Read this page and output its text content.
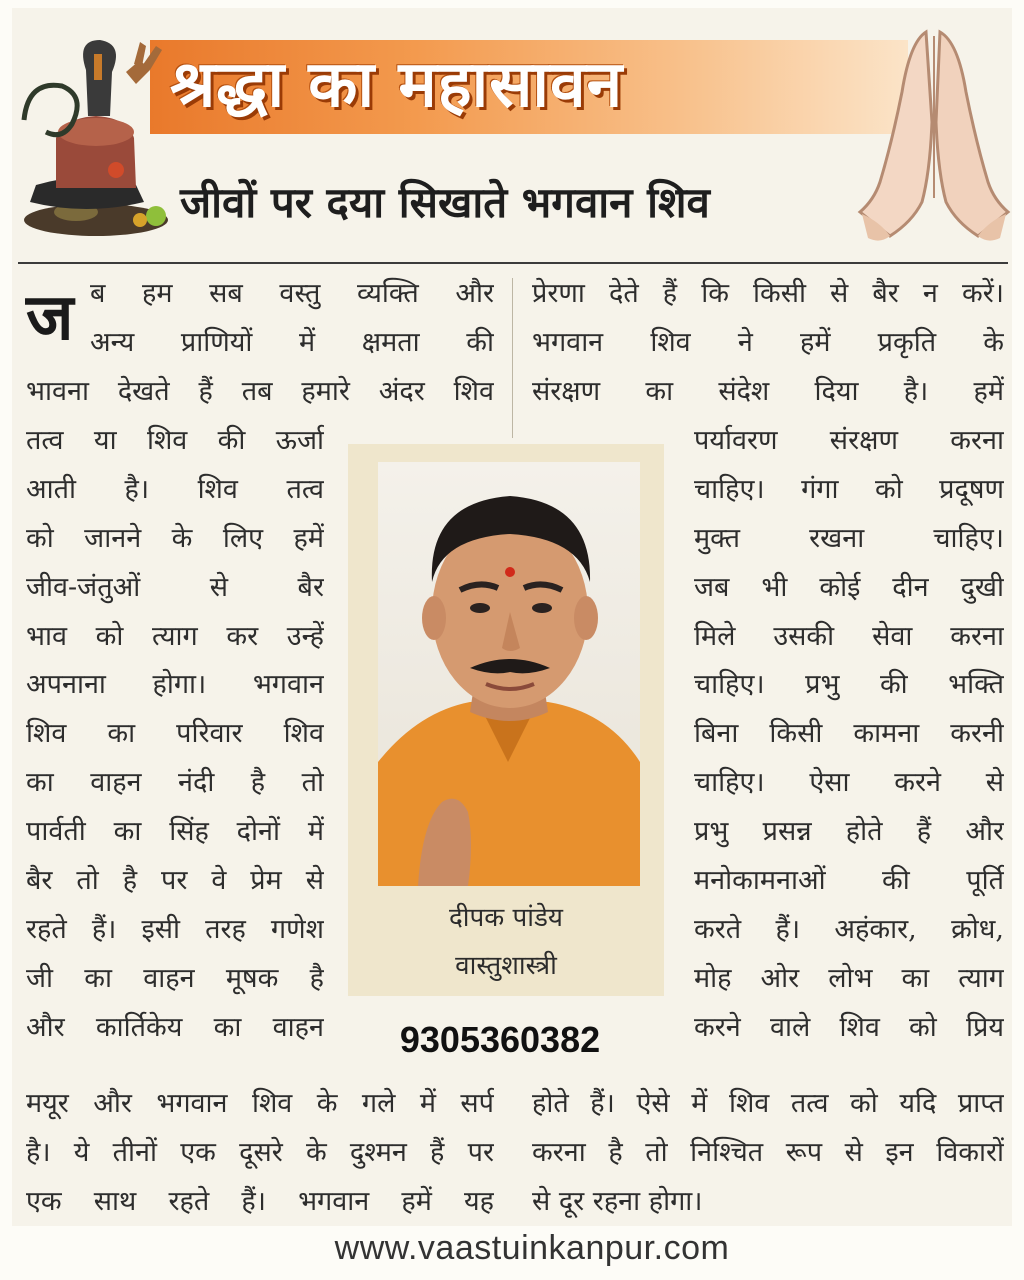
श्रद्धा का महासावन
जीवों पर दया सिखाते भगवान शिव
ज ब हम सब वस्तु व्यक्ति और
अन्य प्राणियों में क्षमता की
भावना देखते हैं तब हमारे अंदर शिव
तत्व या शिव की ऊर्जा
आती है। शिव तत्व
को जानने के लिए हमें
जीव-जंतुओं से बैर
भाव को त्याग कर उन्हें
अपनाना होगा। भगवान
शिव का परिवार शिव
का वाहन नंदी है तो
पार्वती का सिंह दोनों में
बैर तो है पर वे प्रेम से
रहते हैं। इसी तरह गणेश
जी का वाहन मूषक है
और कार्तिकेय का वाहन
मयूर और भगवान शिव के गले में सर्प
है। ये तीनों एक दूसरे के दुश्मन हैं पर
एक साथ रहते हैं। भगवान हमें यह
प्रेरणा देते हैं कि किसी से बैर न करें।
भगवान शिव ने हमें प्रकृति के
संरक्षण का संदेश दिया है। हमें
पर्यावरण संरक्षण करना
चाहिए। गंगा को प्रदूषण
मुक्त रखना चाहिए।
जब भी कोई दीन दुखी
मिले उसकी सेवा करना
चाहिए। प्रभु की भक्ति
बिना किसी कामना करनी
चाहिए। ऐसा करने से
प्रभु प्रसन्न होते हैं और
मनोकामनाओं की पूर्ति
करते हैं। अहंकार, क्रोध,
मोह ओर लोभ का त्याग
करने वाले शिव को प्रिय
होते हैं। ऐसे में शिव तत्व को यदि प्राप्त
करना है तो निश्चित रूप से इन विकारों
से दूर रहना होगा।
दीपक पांडेय
वास्तुशास्त्री
9305360382
www.vaastuinkanpur.com
